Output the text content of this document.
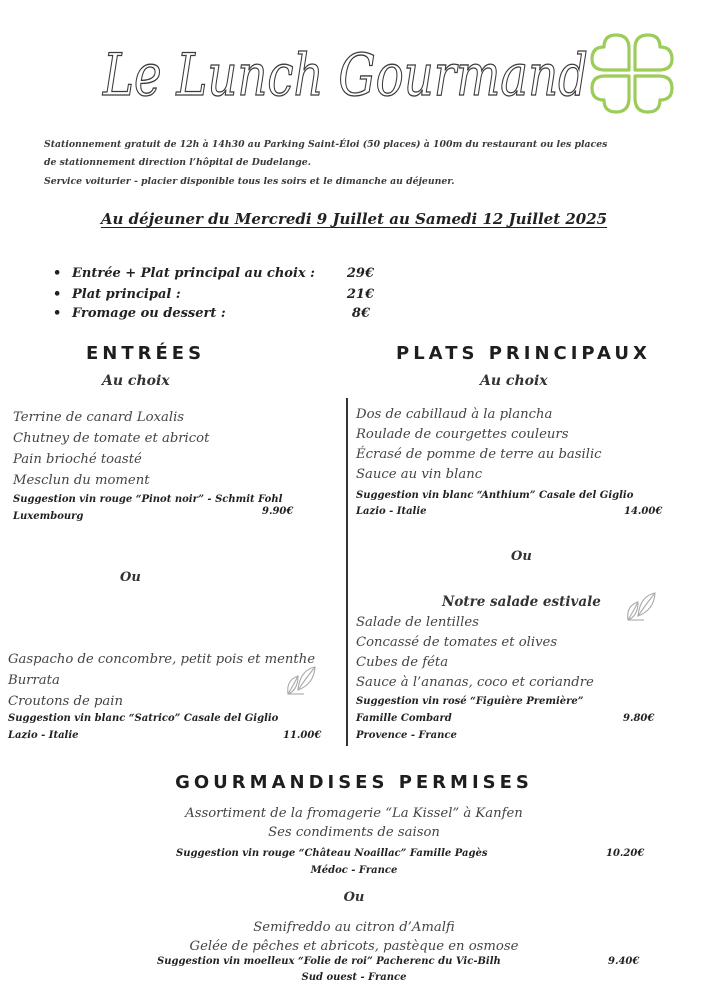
Le Lunch Gourmand
Stationnement gratuit de 12h à 14h30 au Parking Saint-Éloi (50 places) à 100m du restaurant ou les places
de stationnement direction l’hôpital de Dudelange.
Service voiturier - placier disponible tous les soirs et le dimanche au déjeuner.
Au déjeuner du Mercredi 9 Juillet au Samedi 12 Juillet 2025
• Entrée + Plat principal au choix :	29€
• Plat principal :	21€
• Fromage ou dessert :	8€
ENTRÉES
Au choix
PLATS PRINCIPAUX
Au choix
Terrine de canard Loxalis
Chutney de tomate et abricot
Pain brioché toasté
Mesclun du moment
Suggestion vin rouge “Pinot noir” - Schmit Fohl
Luxembourg	9.90€
Ou
Gaspacho de concombre, petit pois et menthe
Burrata
Croutons de pain
Suggestion vin blanc “Satrico” Casale del Giglio
Lazio - Italie	11.00€
Dos de cabillaud à la plancha
Roulade de courgettes couleurs
Écrasé de pomme de terre au basilic
Sauce au vin blanc
Suggestion vin blanc “Anthium” Casale del Giglio
Lazio - Italie	14.00€
Ou
Notre salade estivale
Salade de lentilles
Concassé de tomates et olives
Cubes de féta
Sauce à l’ananas, coco et coriandre
Suggestion vin rosé “Figuière Première”
Famille Combard
Provence - France
9.80€
GOURMANDISES PERMISES
Assortiment de la fromagerie “La Kissel” à Kanfen
Ses condiments de saison
Suggestion vin rouge “Château Noaillac” Famille Pagès
Médoc - France
10.20€
Ou
Semifreddo au citron d’Amalfi
Gelée de pêches et abricots, pastèque en osmose
Suggestion vin moelleux “Folie de roi” Pacherenc du Vic-Bilh
Sud ouest - France
9.40€
